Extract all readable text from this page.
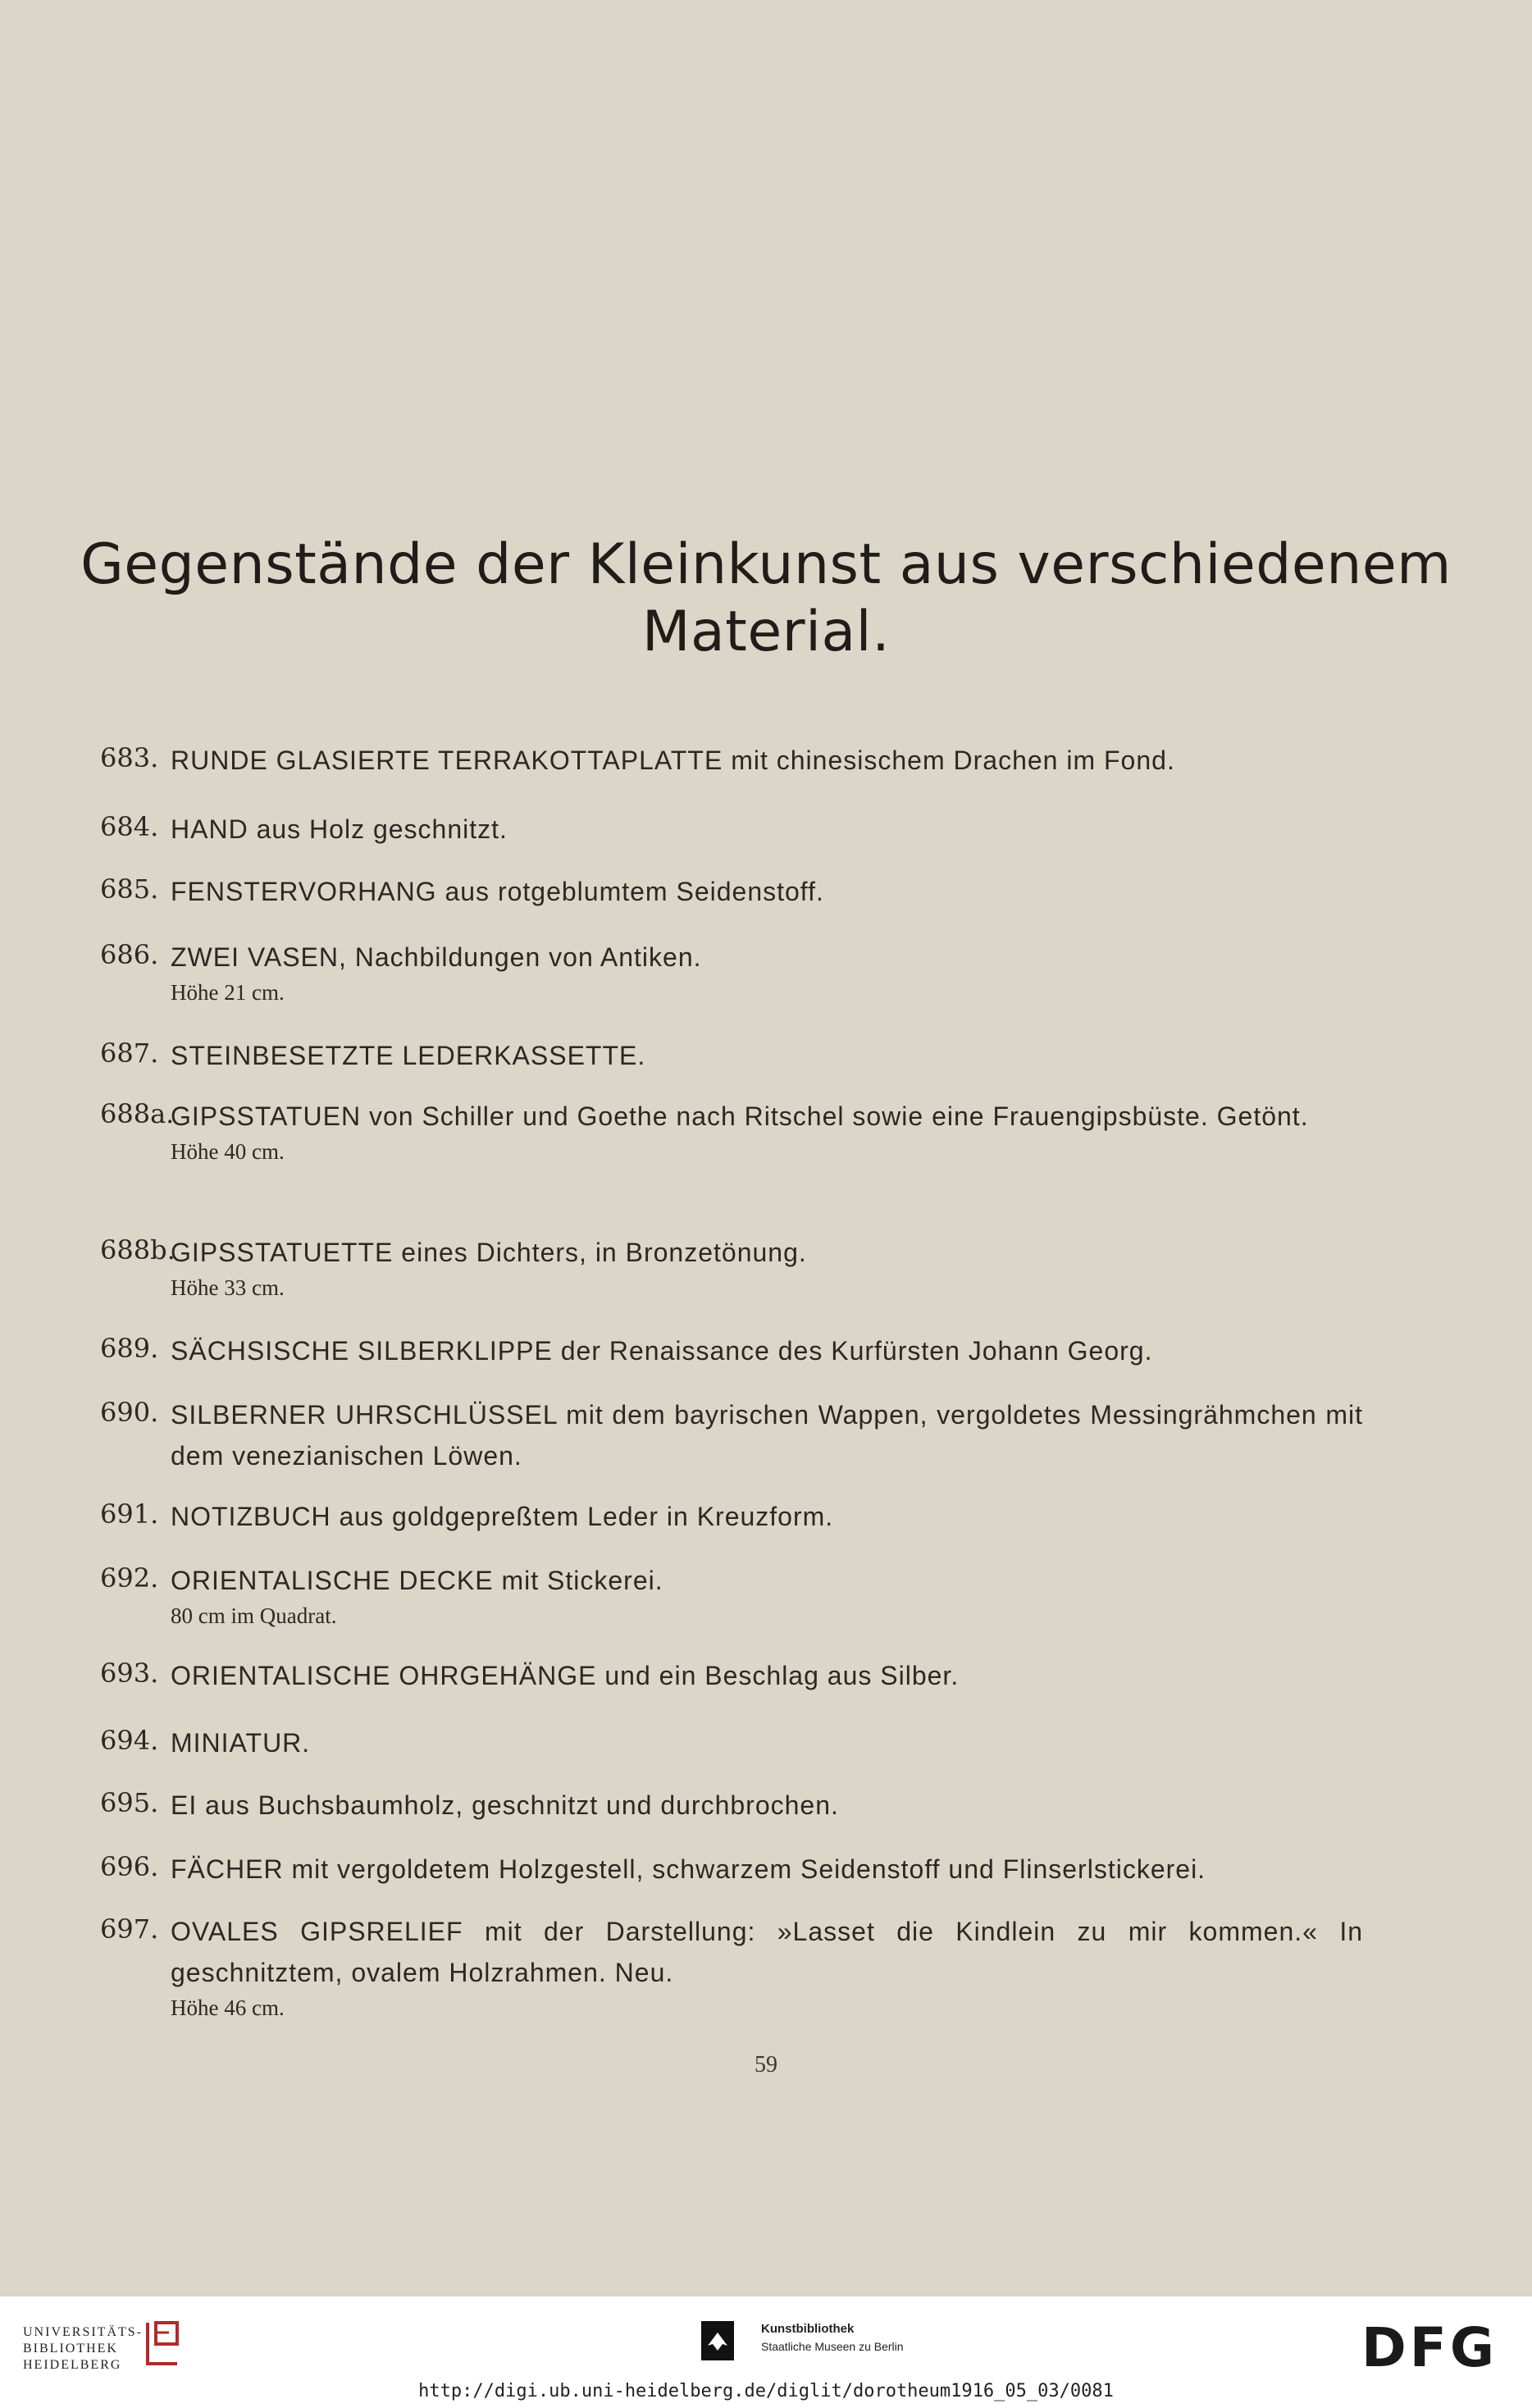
Gegenstände der Kleinkunst aus verschiedenem
Material.
683. RUNDE GLASIERTE TERRAKOTTAPLATTE mit chinesischem Drachen im Fond.
684. HAND aus Holz geschnitzt.
685. FENSTERVORHANG aus rotgeblumtem Seidenstoff.
686. ZWEI VASEN, Nachbildungen von Antiken.
Höhe 21 cm.
687. STEINBESETZTE LEDERKASSETTE.
688a.
GIPSSTATUEN von Schiller und Goethe nach Ritschel sowie eine Frauengipsbüste. Getönt.
Höhe 40 cm.
688b.
GIPSSTATUETTE eines Dichters, in Bronzetönung.
Höhe 33 cm.
689. SÄCHSISCHE SILBERKLIPPE der Renaissance des Kurfürsten Johann Georg.
690. SILBERNER UHRSCHLÜSSEL mit dem bayrischen Wappen, vergoldetes Messingrähmchen mit dem venezianischen Löwen.
691. NOTIZBUCH aus goldgepreßtem Leder in Kreuzform.
692. ORIENTALISCHE DECKE mit Stickerei.
80 cm im Quadrat.
693. ORIENTALISCHE OHRGEHÄNGE und ein Beschlag aus Silber.
694. MINIATUR.
695. EI aus Buchsbaumholz, geschnitzt und durchbrochen.
696. FÄCHER mit vergoldetem Holzgestell, schwarzem Seidenstoff und Flinserlstickerei.
697. OVALES GIPSRELIEF mit der Darstellung: »Lasset die Kindlein zu mir kommen.« In geschnitztem, ovalem Holzrahmen. Neu.
Höhe 46 cm.
59
UNIVERSITÄTS-
BIBLIOTHEK
HEIDELBERG
Kunstbibliothek
Staatliche Museen zu Berlin	DFG
http://digi.ub.uni-heidelberg.de/diglit/dorotheum1916_05_03/0081
